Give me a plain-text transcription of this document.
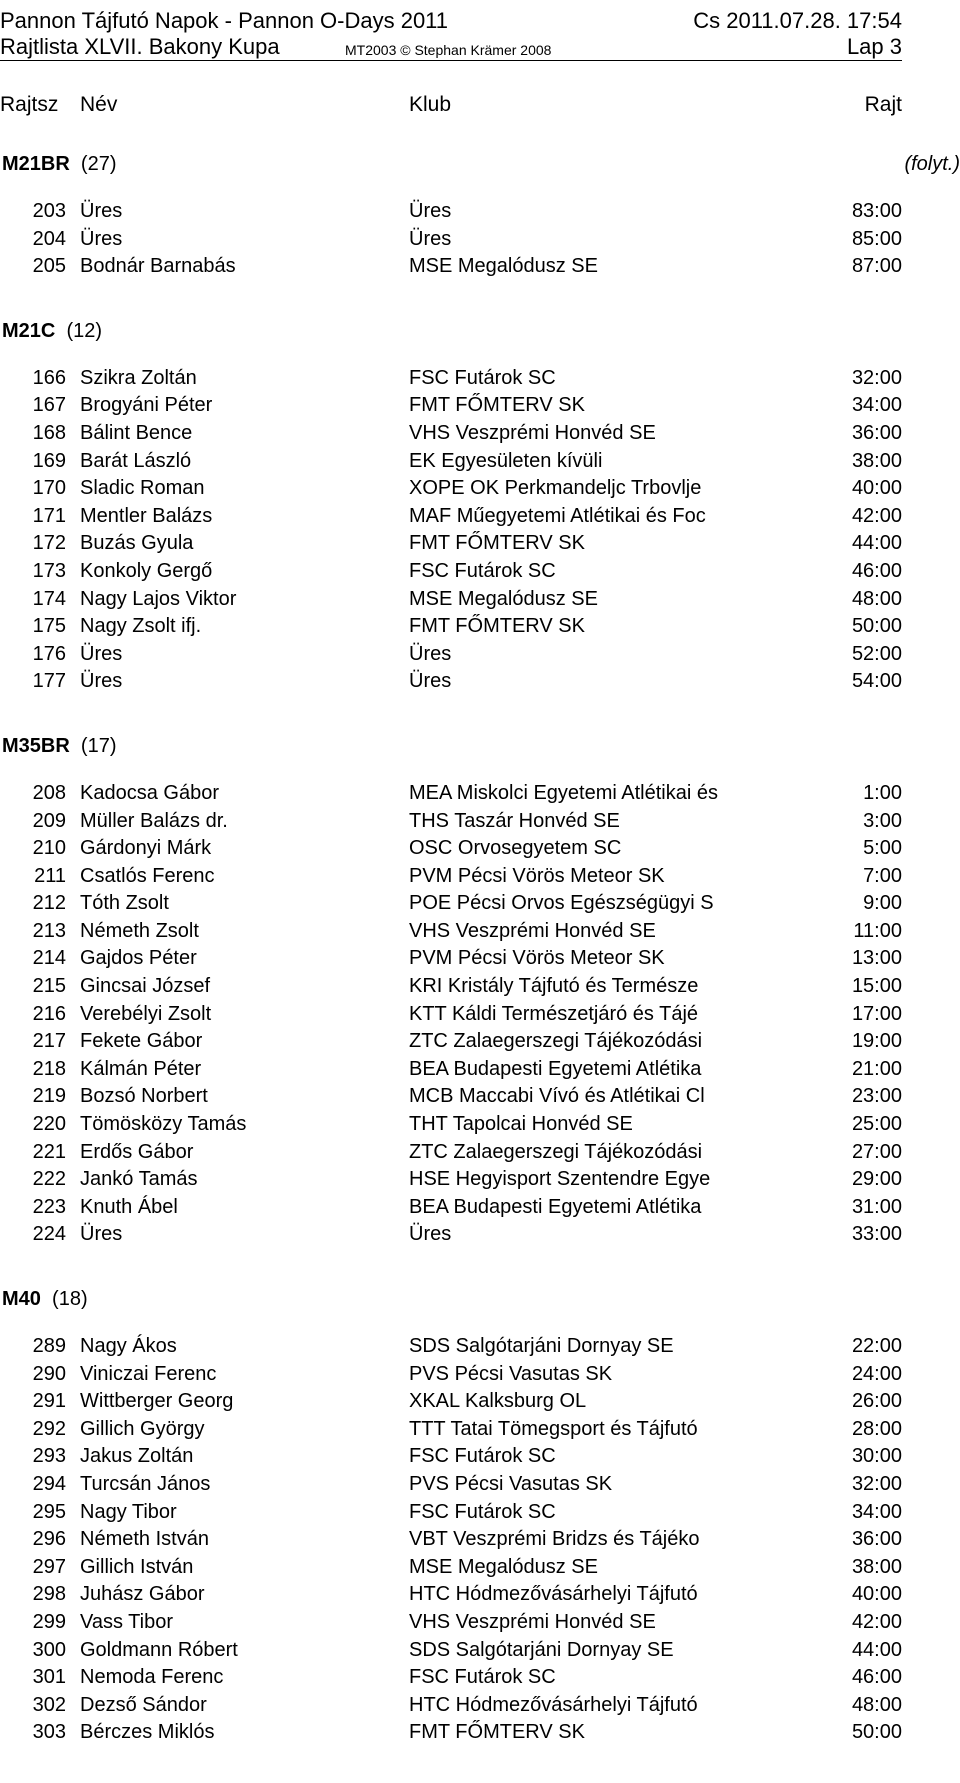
Pannon Tájfutó Napok - Pannon O-Days 2011	Cs 2011.07.28. 17:54
Rajtlista XLVII. Bakony Kupa	MT2003 © Stephan Krämer 2008	Lap 3
Rajtsz Név	Klub	Rajt
M21BR (27)	(folyt.)
203 Üres	Üres	83:00
204 Üres	Üres	85:00
205 Bodnár Barnabás	MSE Megalódusz SE	87:00
M21C (12)
166 Szikra Zoltán	FSC Futárok SC	32:00
167 Brogyáni Péter	FMT FŐMTERV SK	34:00
168 Bálint Bence	VHS Veszprémi Honvéd SE	36:00
169 Barát László	EK Egyesületen kívüli	38:00
170 Sladic Roman	XOPE OK Perkmandeljc Trbovlje	40:00
171 Mentler Balázs	MAF Műegyetemi Atlétikai és Foc	42:00
172 Buzás Gyula	FMT FŐMTERV SK	44:00
173 Konkoly Gergő	FSC Futárok SC	46:00
174 Nagy Lajos Viktor	MSE Megalódusz SE	48:00
175 Nagy Zsolt ifj.	FMT FŐMTERV SK	50:00
176 Üres	Üres	52:00
177 Üres	Üres	54:00
M35BR (17)
208 Kadocsa Gábor	MEA Miskolci Egyetemi Atlétikai és	1:00
209 Müller Balázs dr.	THS Taszár Honvéd SE	3:00
210 Gárdonyi Márk	OSC Orvosegyetem SC	5:00
211 Csatlós Ferenc	PVM Pécsi Vörös Meteor SK	7:00
212 Tóth Zsolt	POE Pécsi Orvos Egészségügyi S	9:00
213 Németh Zsolt	VHS Veszprémi Honvéd SE	11:00
214 Gajdos Péter	PVM Pécsi Vörös Meteor SK	13:00
215 Gincsai József	KRI Kristály Tájfutó és Természe	15:00
216 Verebélyi Zsolt	KTT Káldi Természetjáró és Tájé	17:00
217 Fekete Gábor	ZTC Zalaegerszegi Tájékozódási	19:00
218 Kálmán Péter	BEA Budapesti Egyetemi Atlétika	21:00
219 Bozsó Norbert	MCB Maccabi Vívó és Atlétikai Cl	23:00
220 Tömösközy Tamás	THT Tapolcai Honvéd SE	25:00
221 Erdős Gábor	ZTC Zalaegerszegi Tájékozódási	27:00
222 Jankó Tamás	HSE Hegyisport Szentendre Egye	29:00
223 Knuth Ábel	BEA Budapesti Egyetemi Atlétika	31:00
224 Üres	Üres	33:00
M40 (18)
289 Nagy Ákos	SDS Salgótarjáni Dornyay SE	22:00
290 Viniczai Ferenc	PVS Pécsi Vasutas SK	24:00
291 Wittberger Georg	XKAL Kalksburg OL	26:00
292 Gillich György	TTT Tatai Tömegsport és Tájfutó	28:00
293 Jakus Zoltán	FSC Futárok SC	30:00
294 Turcsán János	PVS Pécsi Vasutas SK	32:00
295 Nagy Tibor	FSC Futárok SC	34:00
296 Németh István	VBT Veszprémi Bridzs és Tájéko	36:00
297 Gillich István	MSE Megalódusz SE	38:00
298 Juhász Gábor	HTC Hódmezővásárhelyi Tájfutó	40:00
299 Vass Tibor	VHS Veszprémi Honvéd SE	42:00
300 Goldmann Róbert	SDS Salgótarjáni Dornyay SE	44:00
301 Nemoda Ferenc	FSC Futárok SC	46:00
302 Dezső Sándor	HTC Hódmezővásárhelyi Tájfutó	48:00
303 Bérczes Miklós	FMT FŐMTERV SK	50:00
